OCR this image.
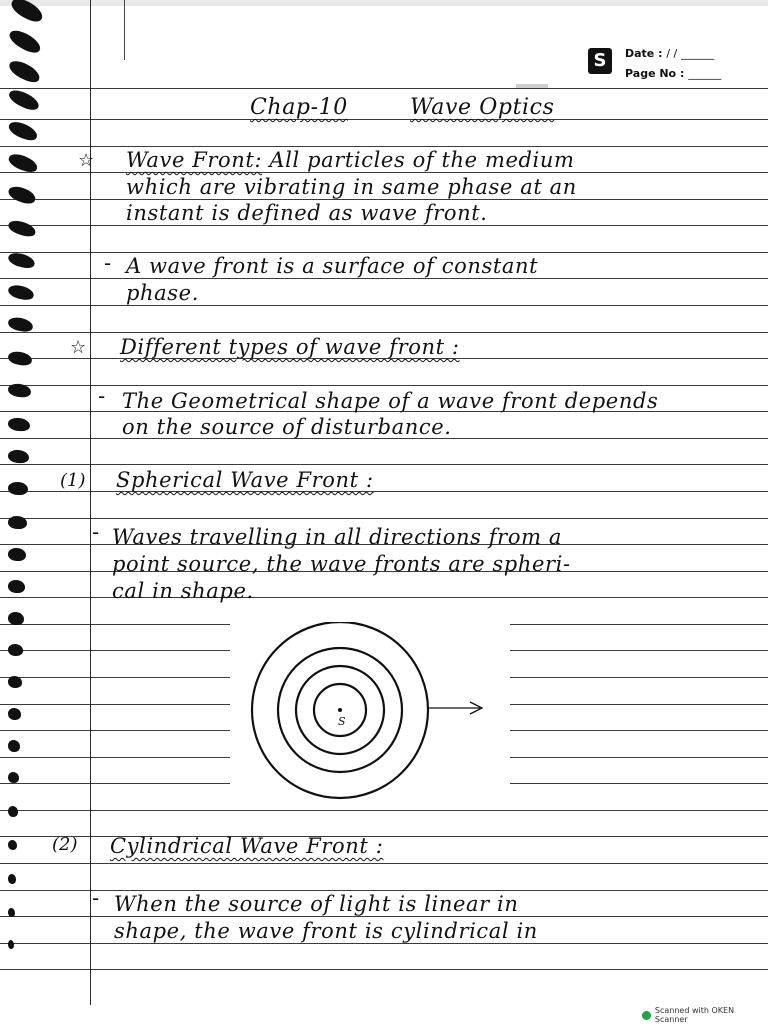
S	Date : / / ______
Page No : ______
Chap-10	Wave Optics
☆ Wave Front: All particles of the medium
which are vibrating in same phase at an
instant is defined as wave front.
- A wave front is a surface of constant
phase.
☆ Different types of wave front :
- The Geometrical shape of a wave front depends
on the source of disturbance.
(1) Spherical Wave Front :
- Waves travelling in all directions from a
point source, the wave fronts are spheri-
cal in shape.
S
(2) Cylindrical Wave Front :
- When the source of light is linear in
shape, the wave front is cylindrical in
Scanned with OKEN Scanner
